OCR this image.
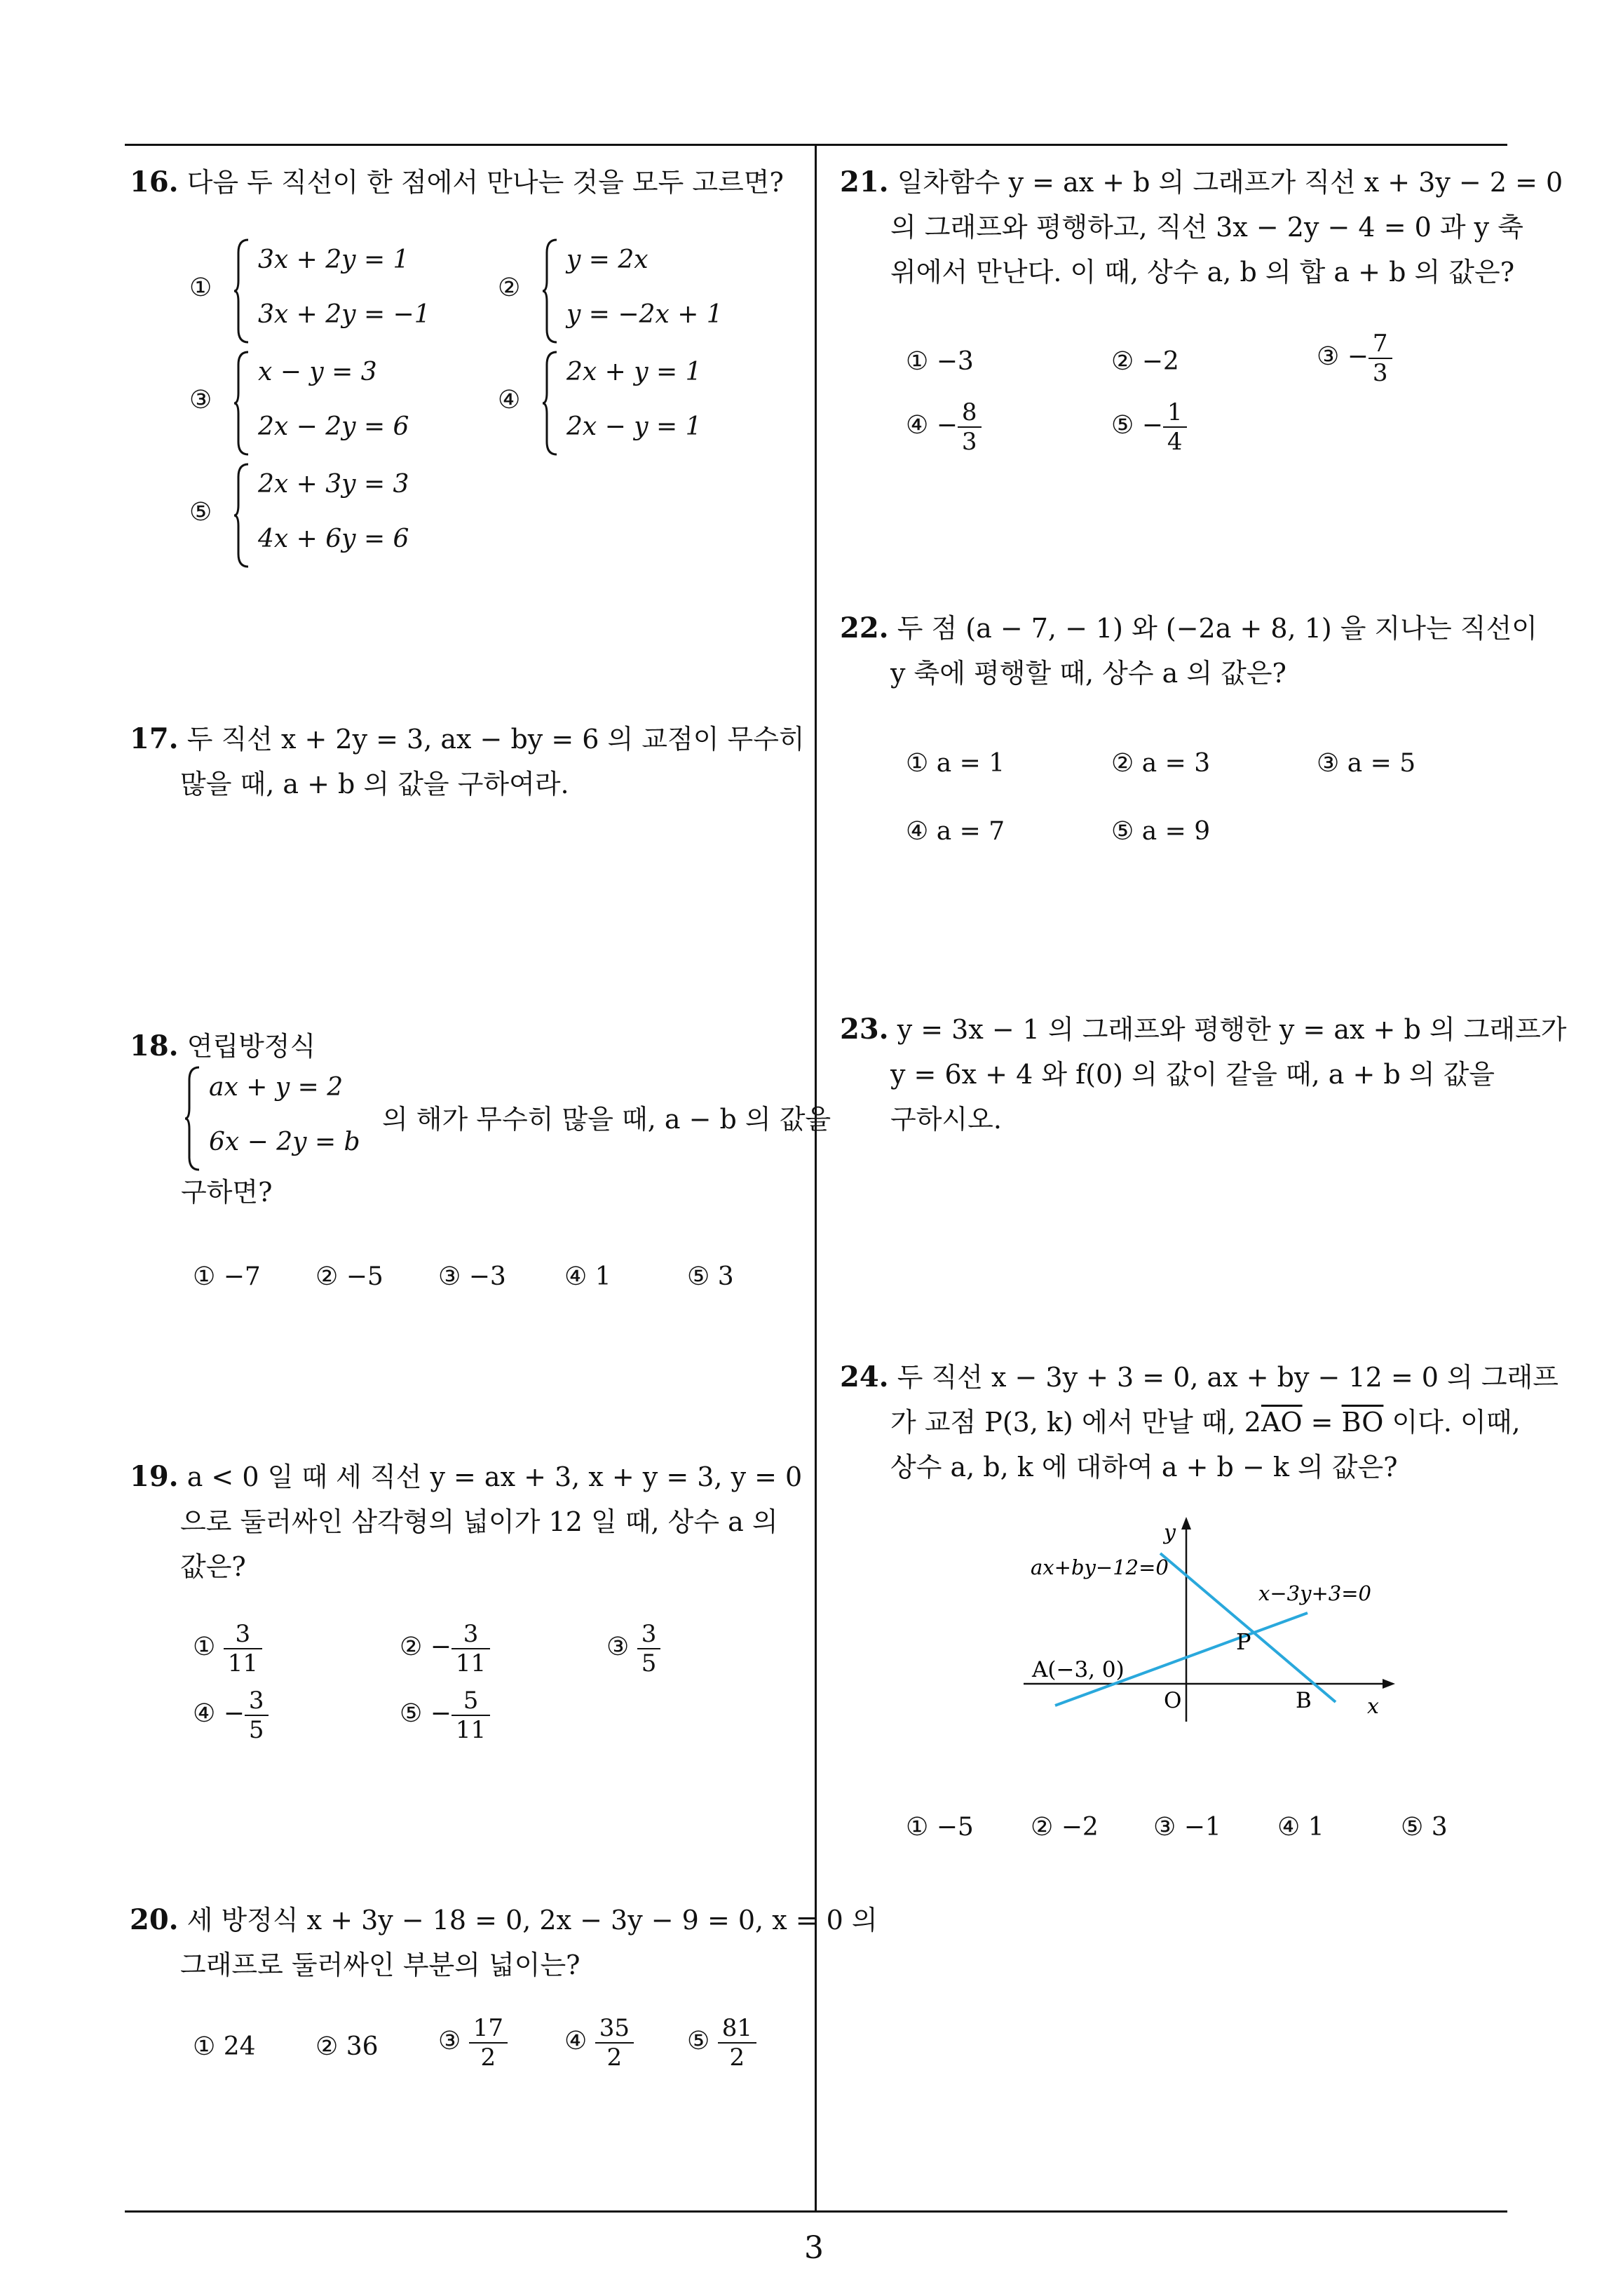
3
16. 다음 두 직선이 한 점에서 만나는 것을 모두 고르면?
①
3x + 2y = 1
3x + 2y = −1
②
y = 2x
y = −2x + 1
③
x − y = 3
2x − 2y = 6
④
2x + y = 1
2x − y = 1
⑤
2x + 3y = 3
4x + 6y = 6
17. 두 직선 x + 2y = 3, ax − by = 6 의 교점이 무수히
많을 때, a + b 의 값을 구하여라.
18. 연립방정식
ax + y = 2
6x − 2y = b
의 해가 무수히 많을 때, a − b 의 값을
구하면?
① −7 ② −5 ③ −3 ④ 1	⑤ 3
19. a < 0 일 때 세 직선 y = ax + 3, x + y = 3, y = 0
으로 둘러싸인 삼각형의 넓이가 12 일 때, 상수 a 의
값은?
① $\frac{3}{11}$	② − $\frac{3}{11}$	③ $\frac{3}{5}$
④ − $\frac{3}{5}$	⑤ − $\frac{5}{11}$
20. 세 방정식 x + 3y − 18 = 0, 2x − 3y − 9 = 0, x = 0 의
그래프로 둘러싸인 부분의 넓이는?
① 24 ② 36 ③ $\frac{17}{2}$ ④ $\frac{35}{2}$ ⑤ $\frac{81}{2}$
21. 일차함수 y = ax + b 의 그래프가 직선 x + 3y − 2 = 0
의 그래프와 평행하고, 직선 3x − 2y − 4 = 0 과 y 축
위에서 만난다. 이 때, 상수 a, b 의 합 a + b 의 값은?
① −3	② −2	③ − $\frac{7}{3}$
④ − $\frac{8}{3}$	⑤ − $\frac{1}{4}$
22. 두 점 (a − 7, − 1) 와 (−2a + 8, 1) 을 지나는 직선이
y 축에 평행할 때, 상수 a 의 값은?
① a = 1	② a = 3	③ a = 5
④ a = 7	⑤ a = 9
23. y = 3x − 1 의 그래프와 평행한 y = ax + b 의 그래프가
y = 6x + 4 와 f(0) 의 값이 같을 때, a + b 의 값을
구하시오.
24. 두 직선 x − 3y + 3 = 0, ax + by − 12 = 0 의 그래프
가 교점 P(3, k) 에서 만날 때, $2\overline{AO} = \overline{BO}$ 이다. 이때,
상수 a, b, k 에 대하여 a + b − k 의 값은?
y
x
ax+by−12=0
x−3y+3=0
P
A(−3, 0)
O	B
① −5 ② −2 ③ −1 ④ 1	⑤ 3
